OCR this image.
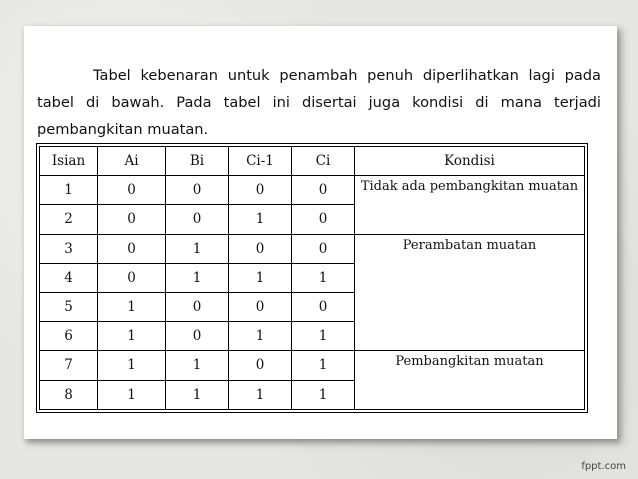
Tabel kebenaran untuk penambah penuh diperlihatkan lagi pada tabel di bawah. Pada tabel ini disertai juga kondisi di mana terjadi pembangkitan muatan.

Isian	Ai	Bi	Ci-1	Ci	Kondisi
1	0	0	0	0	Tidak ada pembangkitan muatan
2	0	0	1	0	
3	0	1	0	0	Perambatan muatan
4	0	1	1	1	
5	1	0	0	0	
6	1	0	1	1	
7	1	1	0	1	Pembangkitan muatan
8	1	1	1	1	
fppt.com
